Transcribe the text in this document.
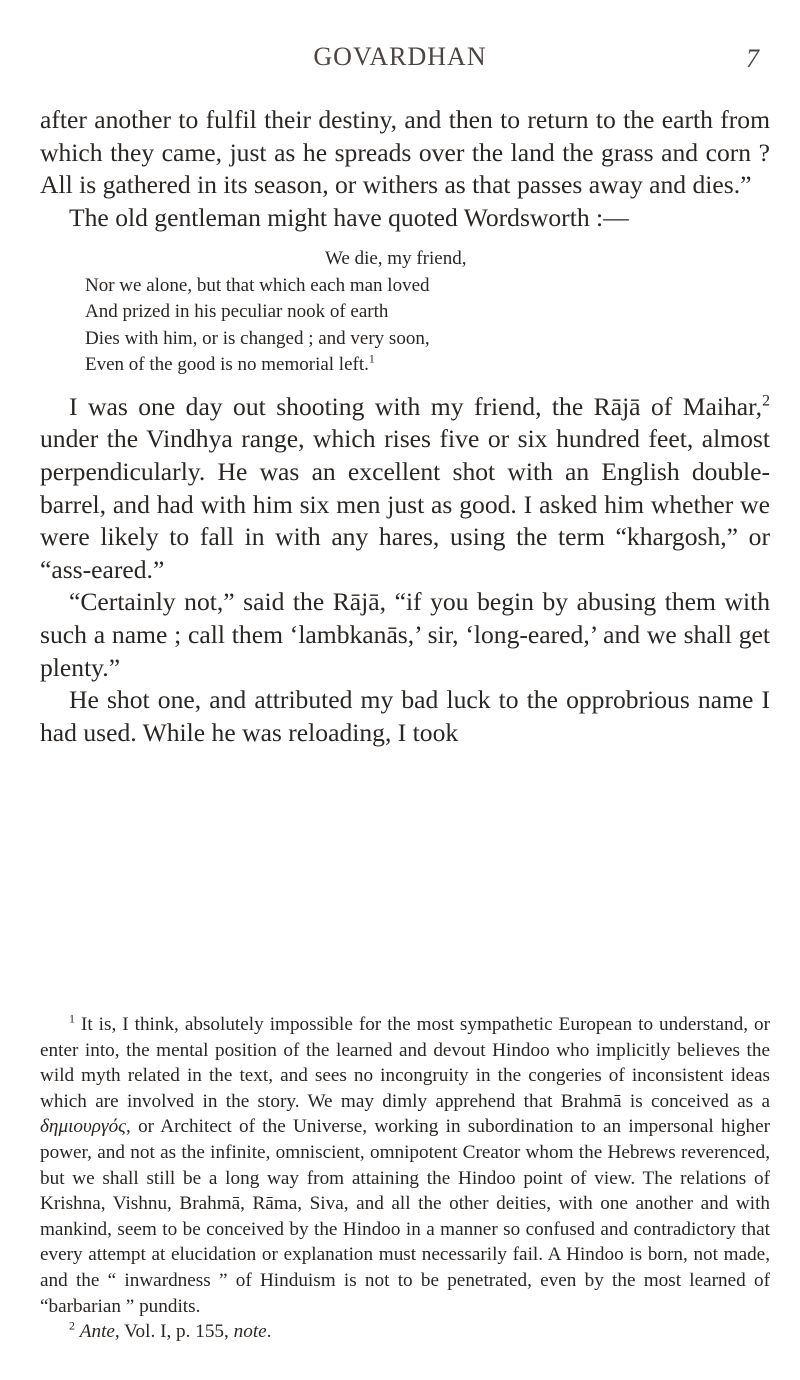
GOVARDHAN	7

after another to fulfil their destiny, and then to return to the earth from which they came, just as he spreads over the land the grass and corn ? All is gathered in its season, or withers as that passes away and dies.”

The old gentleman might have quoted Wordsworth :—

We die, my friend,
Nor we alone, but that which each man loved
And prized in his peculiar nook of earth
Dies with him, or is changed ; and very soon,
Even of the good is no memorial left.$^1$

I was one day out shooting with my friend, the Rājā of Maihar,$^2$ under the Vindhya range, which rises five or six hundred feet, almost perpendicularly. He was an excellent shot with an English double-barrel, and had with him six men just as good. I asked him whether we were likely to fall in with any hares, using the term “khargosh,” or “ass-eared.”

“Certainly not,” said the Rājā, “if you begin by abusing them with such a name ; call them ‘lambkanās,’ sir, ‘long-eared,’ and we shall get plenty.”

He shot one, and attributed my bad luck to the opprobrious name I had used. While he was reloading, I took

$^1$ It is, I think, absolutely impossible for the most sympathetic European to understand, or enter into, the mental position of the learned and devout Hindoo who implicitly believes the wild myth related in the text, and sees no incongruity in the congeries of inconsistent ideas which are involved in the story. We may dimly apprehend that Brahmā is conceived as a δημιουργός, or Architect of the Universe, working in subordination to an impersonal higher power, and not as the infinite, omniscient, omnipotent Creator whom the Hebrews reverenced, but we shall still be a long way from attaining the Hindoo point of view. The relations of Krishna, Vishnu, Brahmā, Rāma, Siva, and all the other deities, with one another and with mankind, seem to be conceived by the Hindoo in a manner so confused and contradictory that every attempt at elucidation or explanation must necessarily fail. A Hindoo is born, not made, and the “ inwardness ” of Hinduism is not to be penetrated, even by the most learned of “barbarian ” pundits.

$^2$ Ante, Vol. I, p. 155, note.
